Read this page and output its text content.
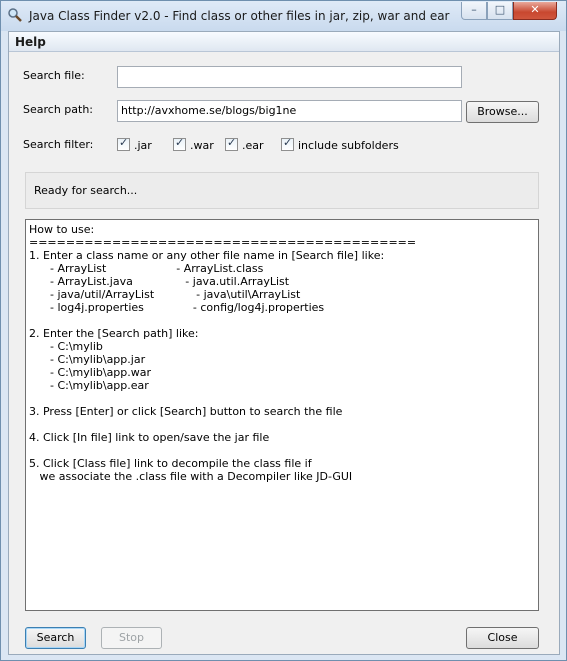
Java Class Finder v2.0 - Find class or other files in jar, zip, war and ear	–	□	✕
Help
Search file:
Search path:	http://avxhome.se/blogs/big1ne	Browse...
Search filter: ✓ .jar ✓ .war ✓ .ear ✓ include subfolders
Ready for search...
How to use:
==========================================
1. Enter a class name or any other file name in [Search file] like:
- ArrayList                    - ArrayList.class
- ArrayList.java               - java.util.ArrayList
- java/util/ArrayList            - java\util\ArrayList
- log4j.properties              - config/log4j.properties
2. Enter the [Search path] like:
- C:\mylib
- C:\mylib\app.jar
- C:\mylib\app.war
- C:\mylib\app.ear
3. Press [Enter] or click [Search] button to search the file
4. Click [In file] link to open/save the jar file
5. Click [Class file] link to decompile the class file if
we associate the .class file with a Decompiler like JD-GUI
Search	Stop	Close
